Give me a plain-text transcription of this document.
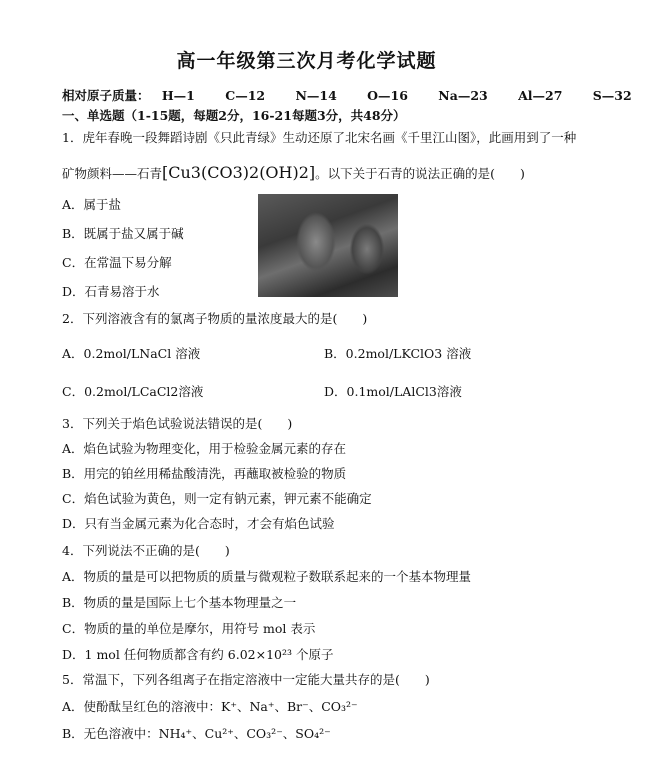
高一年级第三次月考化学试题
相对原子质量： H—1 C—12 N—14 O—16 Na—23 Al—27 S—32
一、单选题（1-15题，每题2分，16-21每题3分，共48分）
1．虎年春晚一段舞蹈诗剧《只此青绿》生动还原了北宋名画《千里江山图》，此画用到了一种
矿物颜料——石青[Cu3(CO3)2(OH)2]。以下关于石青的说法正确的是(　　)
A．属于盐
B．既属于盐又属于碱
C．在常温下易分解
D．石青易溶于水
2．下列溶液含有的氯离子物质的量浓度最大的是(　　)
A．0.2mol/LNaCl 溶液	B．0.2mol/LKClO3 溶液
C．0.2mol/LCaCl2溶液	D．0.1mol/LAlCl3溶液
3．下列关于焰色试验说法错误的是(　　)
A．焰色试验为物理变化，用于检验金属元素的存在
B．用完的铂丝用稀盐酸清洗，再蘸取被检验的物质
C．焰色试验为黄色，则一定有钠元素，钾元素不能确定
D．只有当金属元素为化合态时，才会有焰色试验
4．下列说法不正确的是(　　)
A．物质的量是可以把物质的质量与微观粒子数联系起来的一个基本物理量
B．物质的量是国际上七个基本物理量之一
C．物质的量的单位是摩尔，用符号 mol 表示
D．1 mol 任何物质都含有约 6.02×10²³ 个原子
5．常温下，下列各组离子在指定溶液中一定能大量共存的是(　　)
A．使酚酞呈红色的溶液中：K⁺、Na⁺、Br⁻、CO₃²⁻
B．无色溶液中：NH₄⁺、Cu²⁺、CO₃²⁻、SO₄²⁻
